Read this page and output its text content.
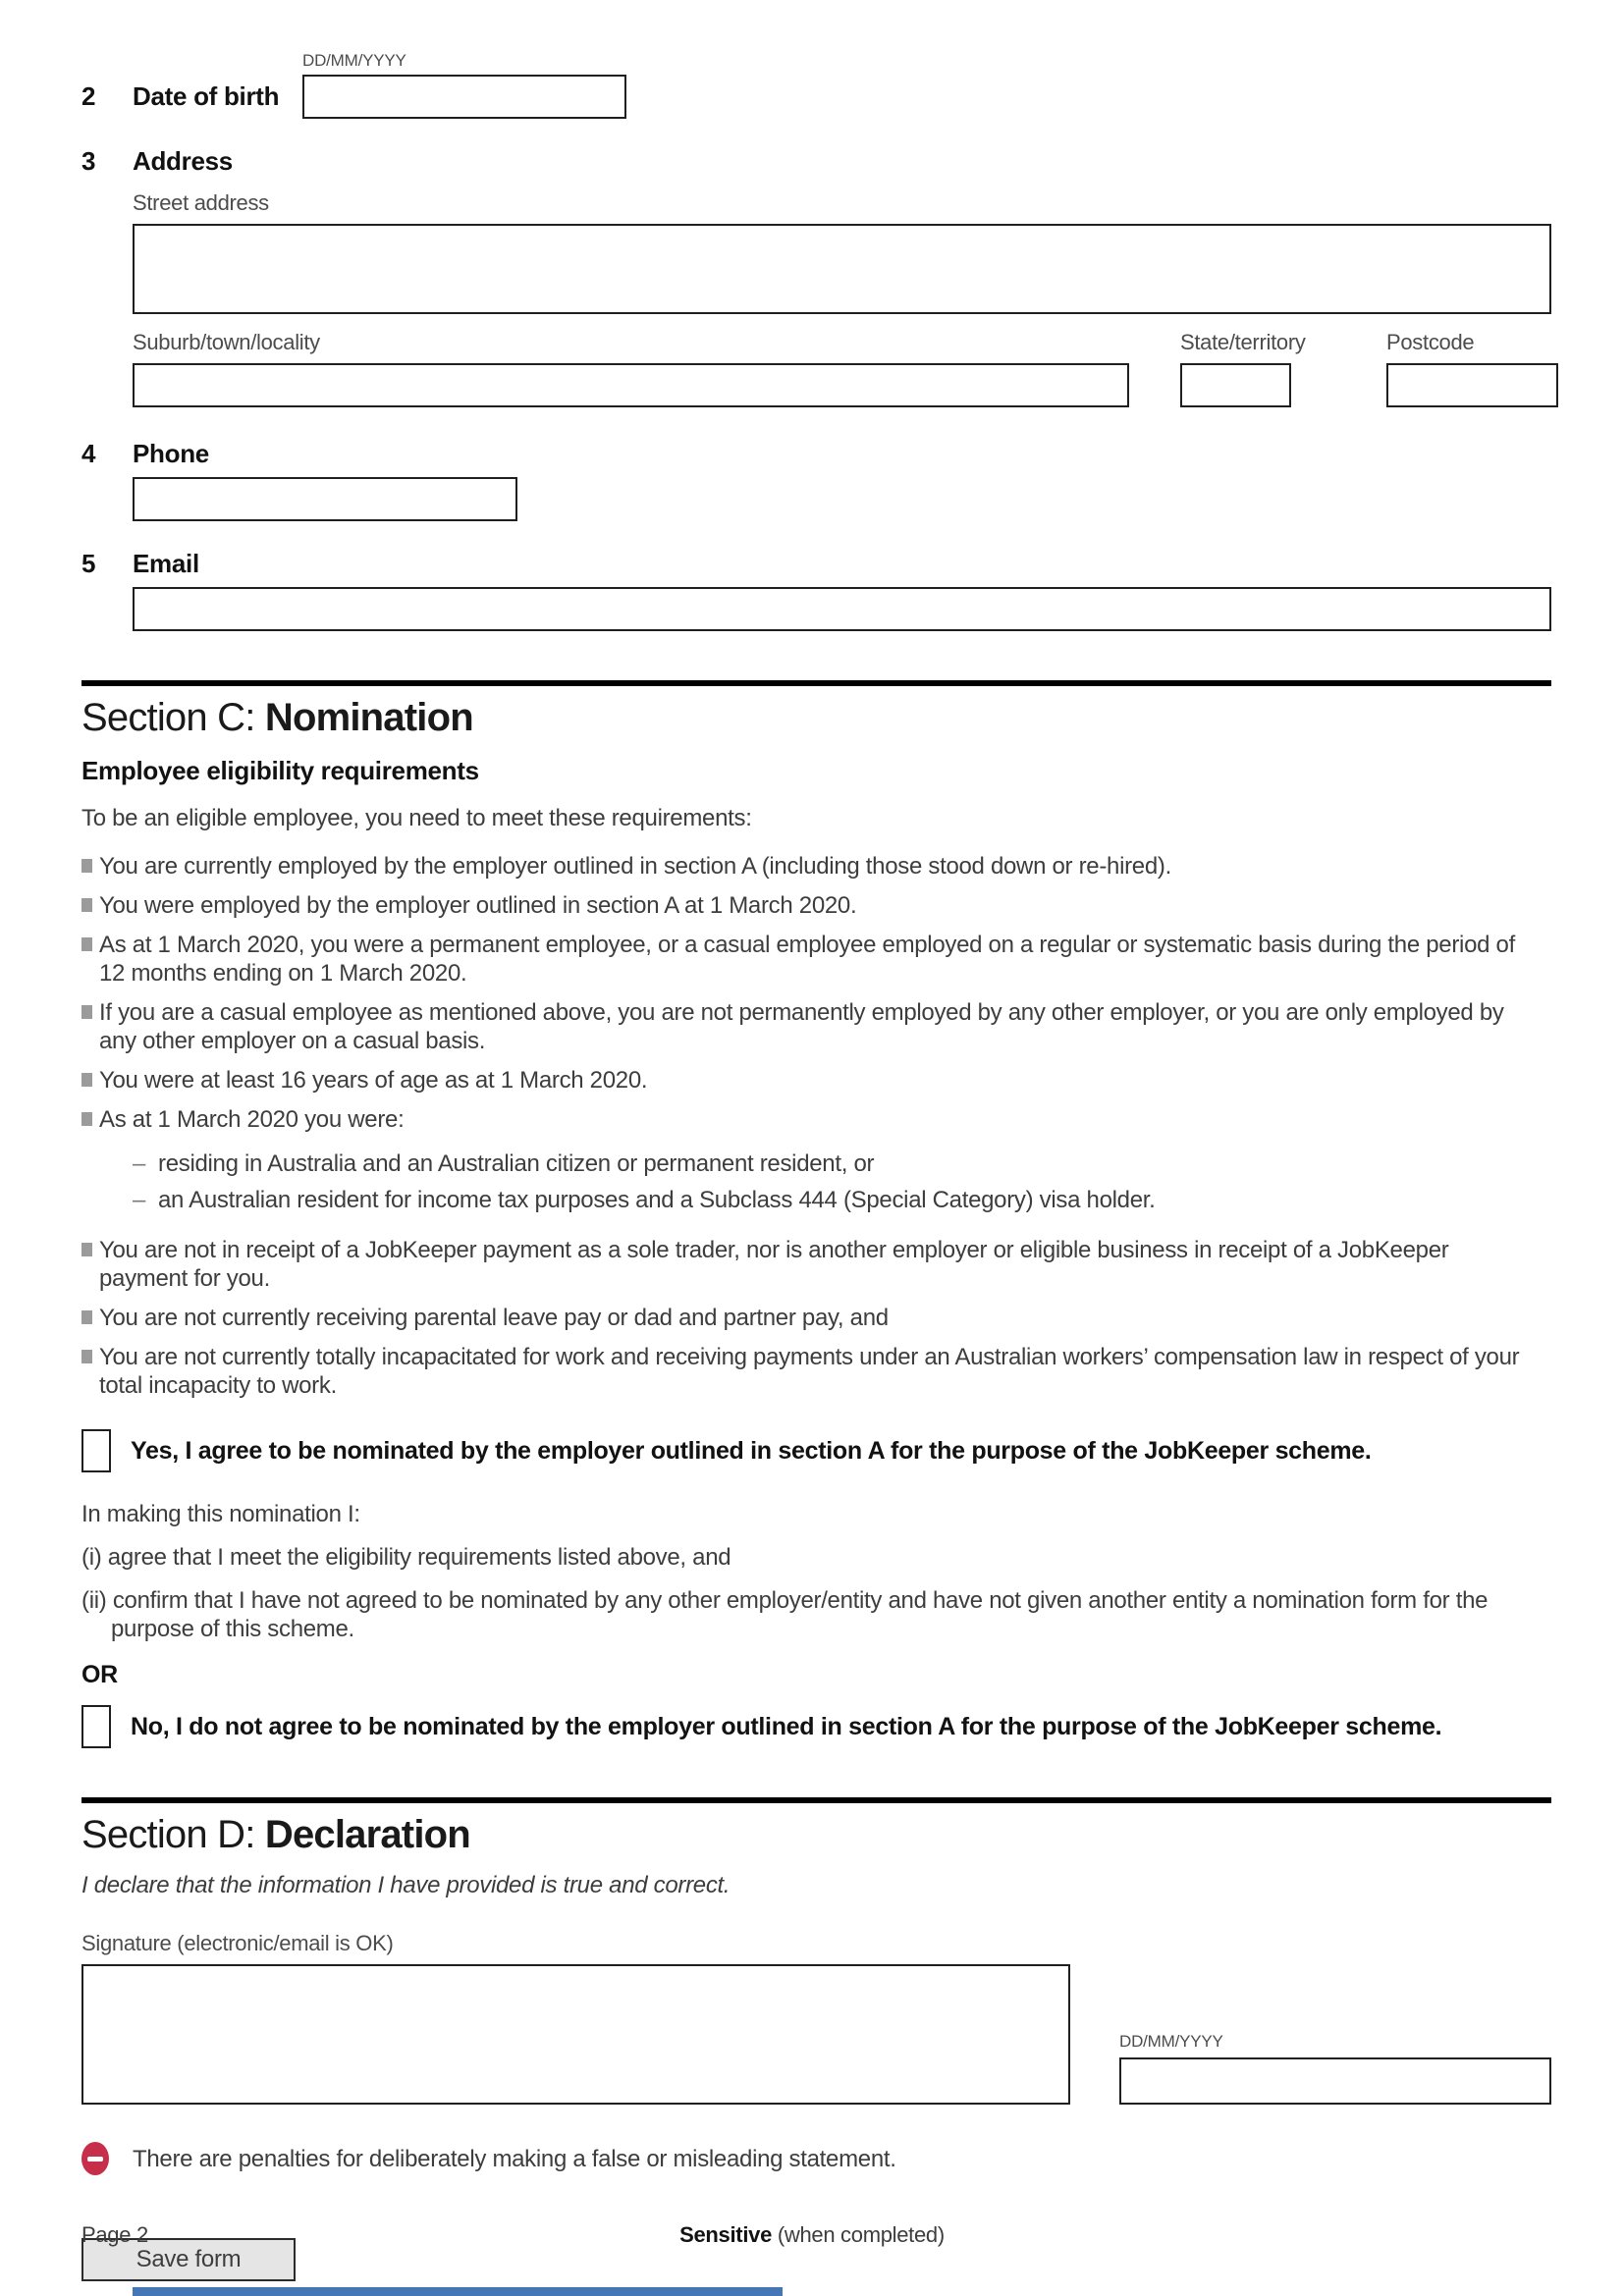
DD/MM/YYYY
2	Date of birth
3	Address
Street address
Suburb/town/locality	State/territory	Postcode
4	Phone
5	Email
Section C: Nomination
Employee eligibility requirements
To be an eligible employee, you need to meet these requirements:
You are currently employed by the employer outlined in section A (including those stood down or re-hired).
You were employed by the employer outlined in section A at 1 March 2020.
As at 1 March 2020, you were a permanent employee, or a casual employee employed on a regular or systematic basis during the period of 12 months ending on 1 March 2020.
If you are a casual employee as mentioned above, you are not permanently employed by any other employer, or you are only employed by any other employer on a casual basis.
You were at least 16 years of age as at 1 March 2020.
As at 1 March 2020 you were:
– residing in Australia and an Australian citizen or permanent resident, or
– an Australian resident for income tax purposes and a Subclass 444 (Special Category) visa holder.
You are not in receipt of a JobKeeper payment as a sole trader, nor is another employer or eligible business in receipt of a JobKeeper payment for you.
You are not currently receiving parental leave pay or dad and partner pay, and
You are not currently totally incapacitated for work and receiving payments under an Australian workers’ compensation law in respect of your total incapacity to work.
Yes, I agree to be nominated by the employer outlined in section A for the purpose of the JobKeeper scheme.
In making this nomination I:
(i) agree that I meet the eligibility requirements listed above, and
(ii) confirm that I have not agreed to be nominated by any other employer/entity and have not given another entity a nomination form for the purpose of this scheme.
OR
No, I do not agree to be nominated by the employer outlined in section A for the purpose of the JobKeeper scheme.
Section D: Declaration
I declare that the information I have provided is true and correct.
Signature (electronic/email is OK)
DD/MM/YYYY
There are penalties for deliberately making a false or misleading statement.
Save form
Page 2	Sensitive (when completed)
